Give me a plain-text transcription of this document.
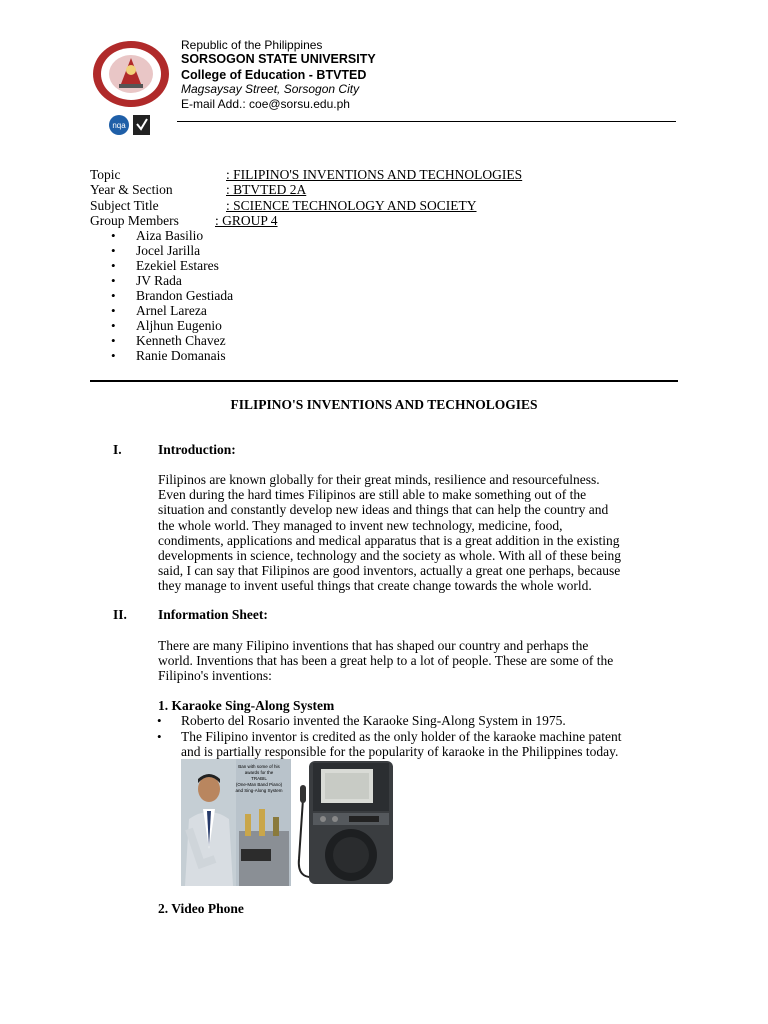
nqa
Republic of the Philippines
SORSOGON STATE UNIVERSITY
College of Education - BTVTED
Magsaysay Street, Sorsogon City
E-mail Add.: coe@sorsu.edu.ph
Topic	: FILIPINO'S INVENTIONS AND TECHNOLOGIES
Year & Section	: BTVTED 2A
Subject Title	: SCIENCE TECHNOLOGY AND SOCIETY
Group Members	: GROUP 4
• Aiza Basilio
• Jocel Jarilla
• Ezekiel Estares
• JV Rada
• Brandon Gestiada
• Arnel Lareza
• Aljhun Eugenio
• Kenneth Chavez
• Ranie Domanais
FILIPINO'S INVENTIONS AND TECHNOLOGIES
I.	Introduction:
Filipinos are known globally for their great minds, resilience and resourcefulness.
Even during the hard times Filipinos are still able to make something out of the
situation and constantly develop new ideas and things that can help the country and
the whole world. They managed to invent new technology, medicine, food,
condiments, applications and medical apparatus that is a great addition in the existing
developments in science, technology and the society as whole. With all of these being
said, I can say that Filipinos are good inventors, actually a great one perhaps, because
they manage to invent useful things that create change towards the whole world.
II. Information Sheet:
There are many Filipino inventions that has shaped our country and perhaps the
world. Inventions that has been a great help to a lot of people. These are some of the
Filipino's inventions:
1. Karaoke Sing-Along System
• Roberto del Rosario invented the Karaoke Sing-Along System in 1975.
• The Filipino inventor is credited as the only holder of the karaoke machine patent
and is partially responsible for the popularity of karaoke in the Philippines today.
Ban with some of his
awards for the
TRABIL
(One-Man Band Piano)
and Sing-Along System
2. Video Phone
